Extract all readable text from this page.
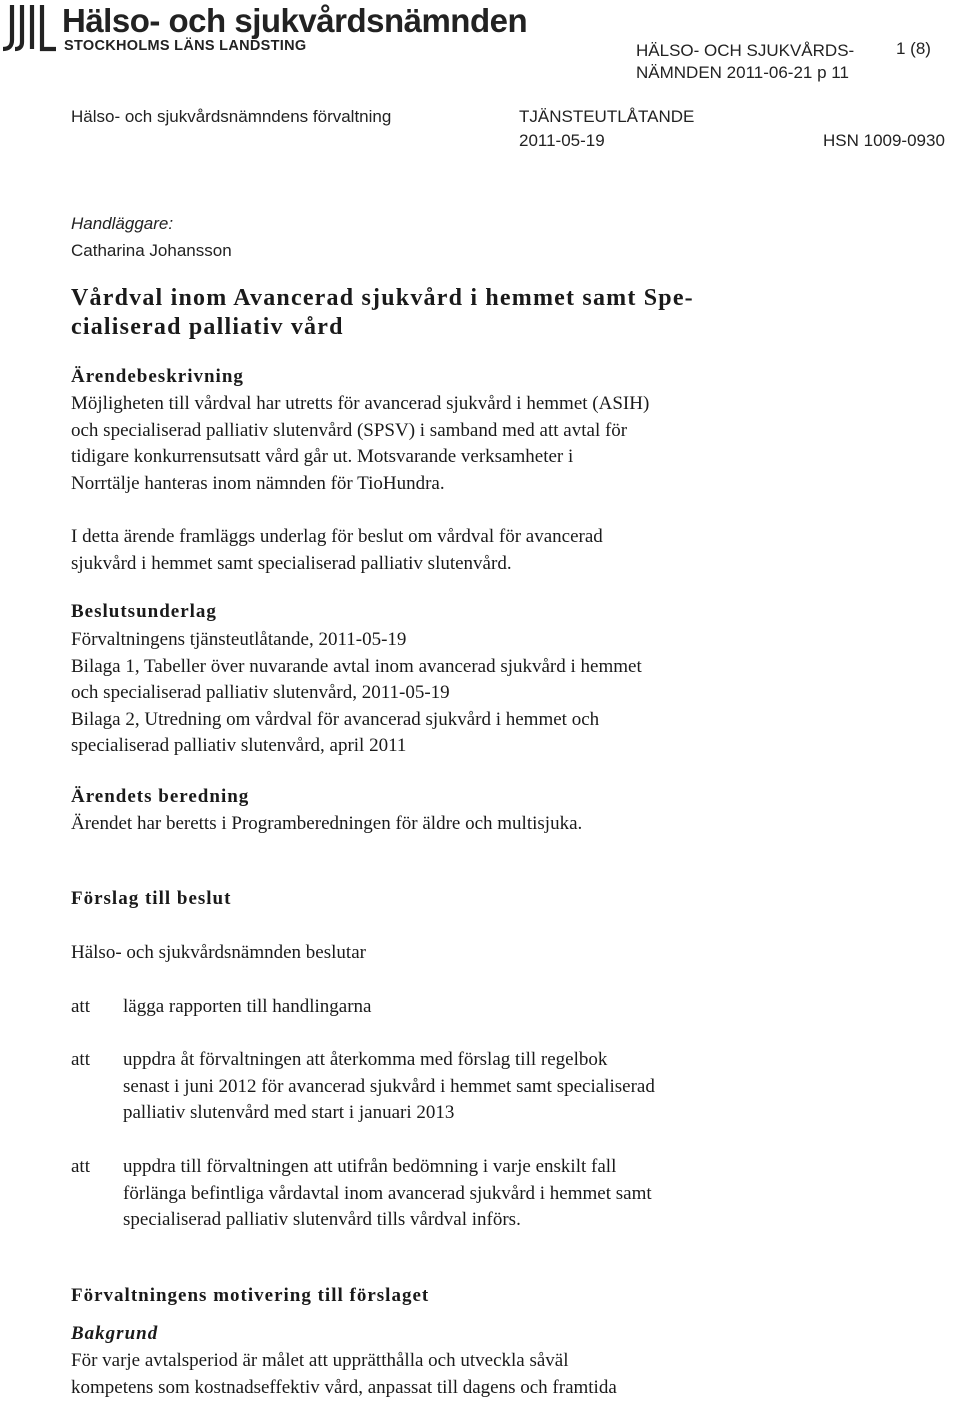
Hälso- och sjukvårdsnämnden
STOCKHOLMS LÄNS LANDSTING	HÄLSO- OCH SJUKVÅRDS-
NÄMNDEN 2011-06-21 p 11
1 (8)
Hälso- och sjukvårdsnämndens förvaltning	TJÄNSTEUTLÅTANDE
2011-05-19	HSN 1009-0930
Handläggare:
Catharina Johansson
Vårdval inom Avancerad sjukvård i hemmet samt Spe-
cialiserad palliativ vård
Ärendebeskrivning
Möjligheten till vårdval har utretts för avancerad sjukvård i hemmet (ASIH)
och specialiserad palliativ slutenvård (SPSV) i samband med att avtal för
tidigare konkurrensutsatt vård går ut. Motsvarande verksamheter i
Norrtälje hanteras inom nämnden för TioHundra.
I detta ärende framläggs underlag för beslut om vårdval för avancerad
sjukvård i hemmet samt specialiserad palliativ slutenvård.
Beslutsunderlag
Förvaltningens tjänsteutlåtande, 2011-05-19
Bilaga 1, Tabeller över nuvarande avtal inom avancerad sjukvård i hemmet
och specialiserad palliativ slutenvård, 2011-05-19
Bilaga 2, Utredning om vårdval för avancerad sjukvård i hemmet och
specialiserad palliativ slutenvård, april 2011
Ärendets beredning
Ärendet har beretts i Programberedningen för äldre och multisjuka.
Förslag till beslut
Hälso- och sjukvårdsnämnden beslutar
att lägga rapporten till handlingarna
att uppdra åt förvaltningen att återkomma med förslag till regelbok
senast i juni 2012 för avancerad sjukvård i hemmet samt specialiserad
palliativ slutenvård med start i januari 2013
att uppdra till förvaltningen att utifrån bedömning i varje enskilt fall
förlänga befintliga vårdavtal inom avancerad sjukvård i hemmet samt
specialiserad palliativ slutenvård tills vårdval införs.
Förvaltningens motivering till förslaget
Bakgrund
För varje avtalsperiod är målet att upprätthålla och utveckla såväl
kompetens som kostnadseffektiv vård, anpassat till dagens och framtida
